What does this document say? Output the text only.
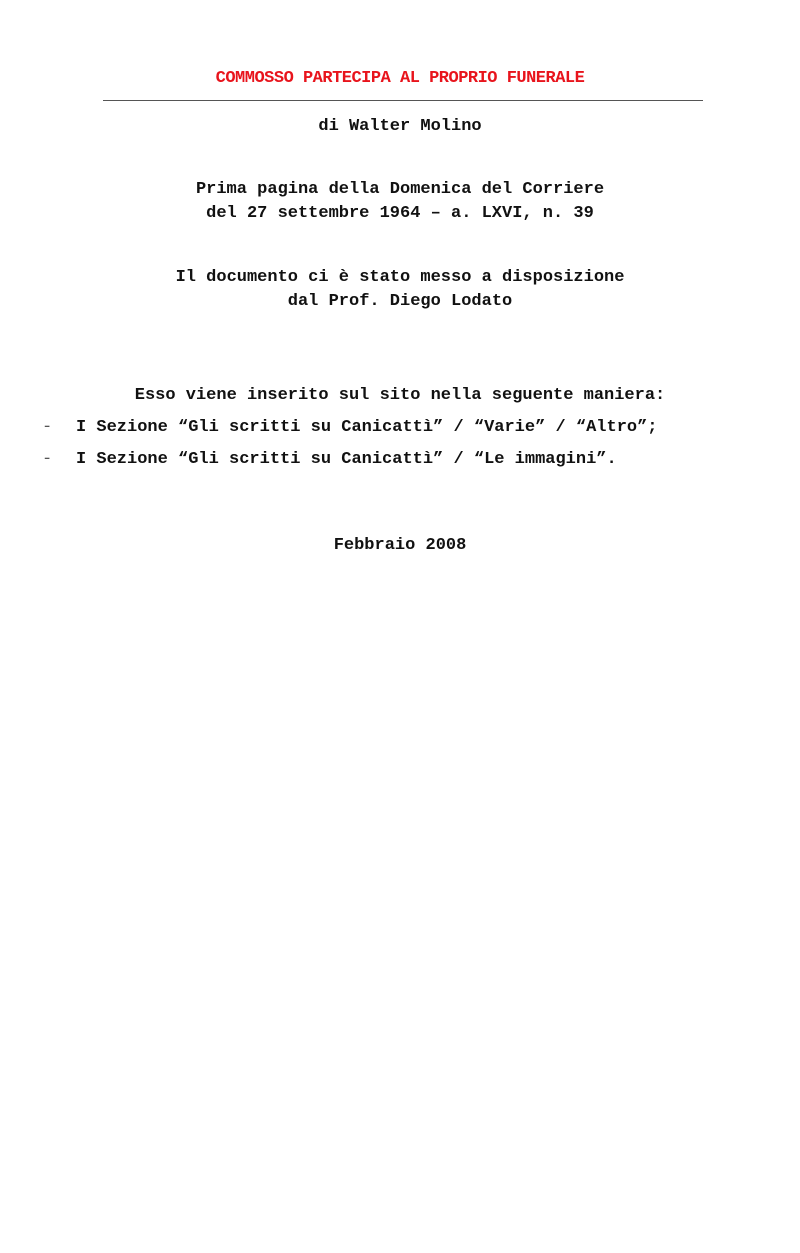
COMMOSSO PARTECIPA AL PROPRIO FUNERALE
di Walter Molino
Prima pagina della Domenica del Corriere
del 27 settembre 1964 – a. LXVI, n. 39
Il documento ci è stato messo a disposizione
dal Prof. Diego Lodato
Esso viene inserito sul sito nella seguente maniera:
- I Sezione “Gli scritti su Canicattì” / “Varie” / “Altro”;
- I Sezione “Gli scritti su Canicattì” / “Le immagini”.
Febbraio 2008
